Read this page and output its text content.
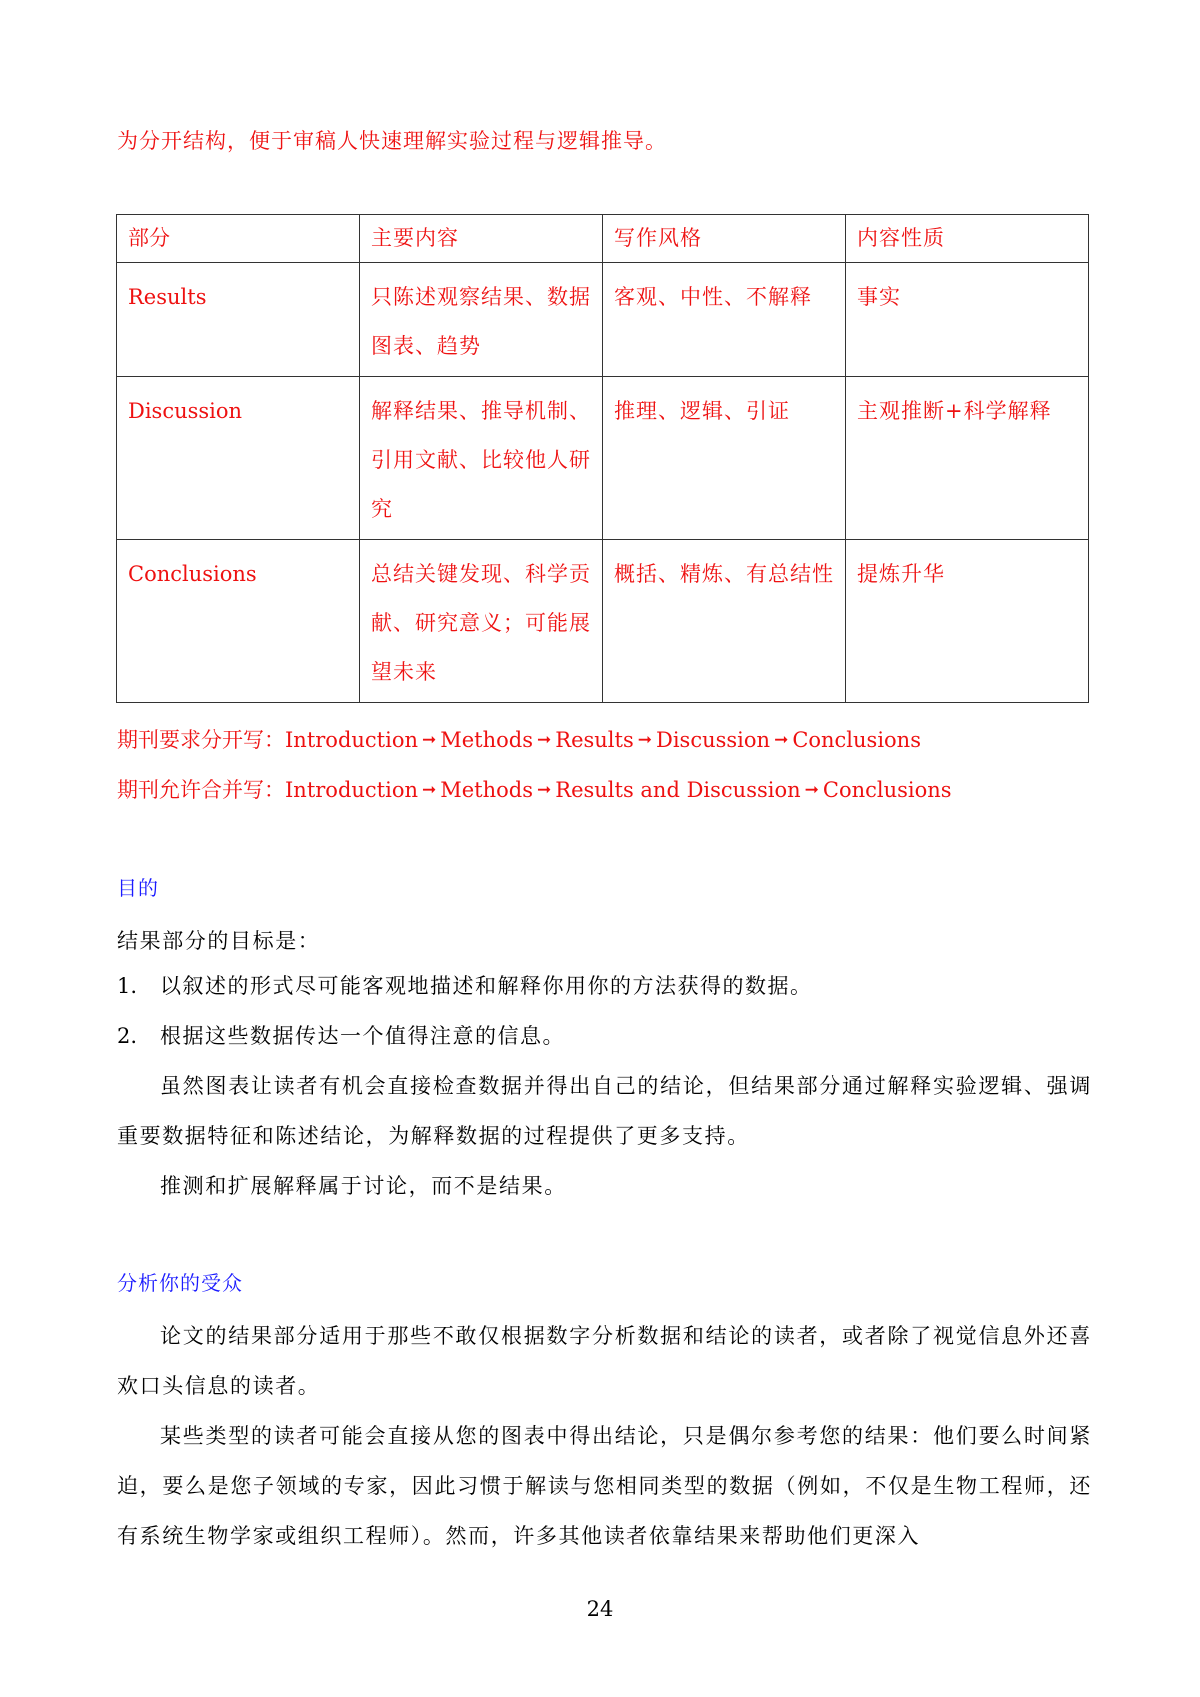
为分开结构，便于审稿人快速理解实验过程与逻辑推导。
部分	主要内容	写作风格	内容性质
Results	只陈述观察结果、数据图表、趋势	客观、中性、不解释	事实
Discussion	解释结果、推导机制、引用文献、比较他人研究	推理、逻辑、引证	主观推断+科学解释
Conclusions	总结关键发现、科学贡献、研究意义；可能展望未来	概括、精炼、有总结性	提炼升华
期刊要求分开写：Introduction ➞ Methods ➞ Results ➞ Discussion ➞ Conclusions
期刊允许合并写：Introduction ➞ Methods ➞ Results and Discussion ➞ Conclusions
目的
结果部分的目标是：
1. 以叙述的形式尽可能客观地描述和解释你用你的方法获得的数据。
2. 根据这些数据传达一个值得注意的信息。
虽然图表让读者有机会直接检查数据并得出自己的结论，但结果部分通过解释实验逻辑、强调重要数据特征和陈述结论，为解释数据的过程提供了更多支持。
推测和扩展解释属于讨论，而不是结果。
分析你的受众
论文的结果部分适用于那些不敢仅根据数字分析数据和结论的读者，或者除了视觉信息外还喜欢口头信息的读者。
某些类型的读者可能会直接从您的图表中得出结论，只是偶尔参考您的结果：他们要么时间紧迫，要么是您子领域的专家，因此习惯于解读与您相同类型的数据（例如，不仅是生物工程师，还有系统生物学家或组织工程师）。然而，许多其他读者依靠结果来帮助他们更深入
24
